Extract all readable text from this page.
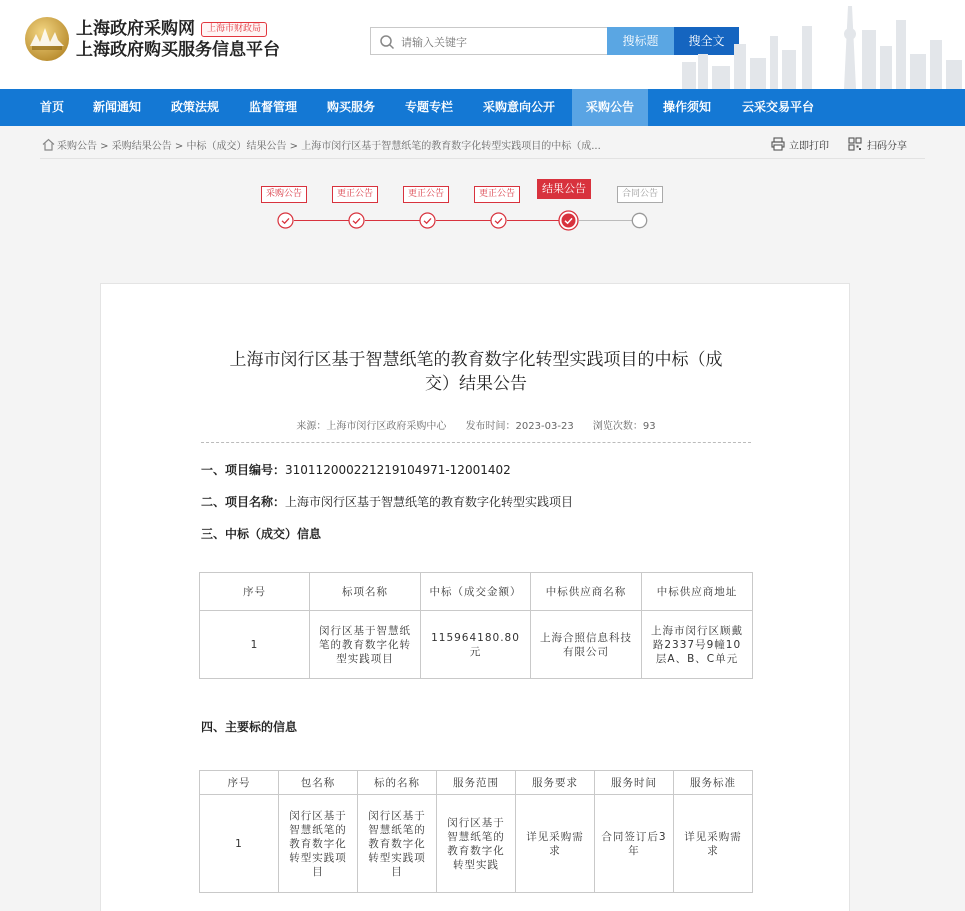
上海政府采购网	上海市财政局
上海政府购买服务信息平台
请输入关键字	搜标题	搜全文
首页	新闻通知	政策法规	监督管理	购买服务	专题专栏	采购意向公开	采购公告	操作须知	云采交易平台
采购公告 > 采购结果公告 > 中标（成交）结果公告 > 上海市闵行区基于智慧纸笔的教育数字化转型实践项目的中标（成...	立即打印	扫码分享
采购公告	更正公告	更正公告	更正公告	结果公告	合同公告
上海市闵行区基于智慧纸笔的教育数字化转型实践项目的中标（成
交）结果公告
来源：上海市闵行区政府采购中心 发布时间：2023-03-23 浏览次数：93
一、项目编号：310112000221219104971-12001402
二、项目名称：上海市闵行区基于智慧纸笔的教育数字化转型实践项目
三、中标（成交）信息
序号	标项名称	中标（成交金额）	中标供应商名称	中标供应商地址
1	闵行区基于智慧纸笔的教育数字化转型实践项目	115964180.80元	上海合照信息科技有限公司	上海市闵行区顾戴路2337号9幢10层A、B、C单元
四、主要标的信息
序号	包名称	标的名称	服务范围	服务要求	服务时间	服务标准
1	闵行区基于智慧纸笔的教育数字化转型实践项目	闵行区基于智慧纸笔的教育数字化转型实践项目	闵行区基于智慧纸笔的教育数字化转型实践	详见采购需求	合同签订后3年	详见采购需求
